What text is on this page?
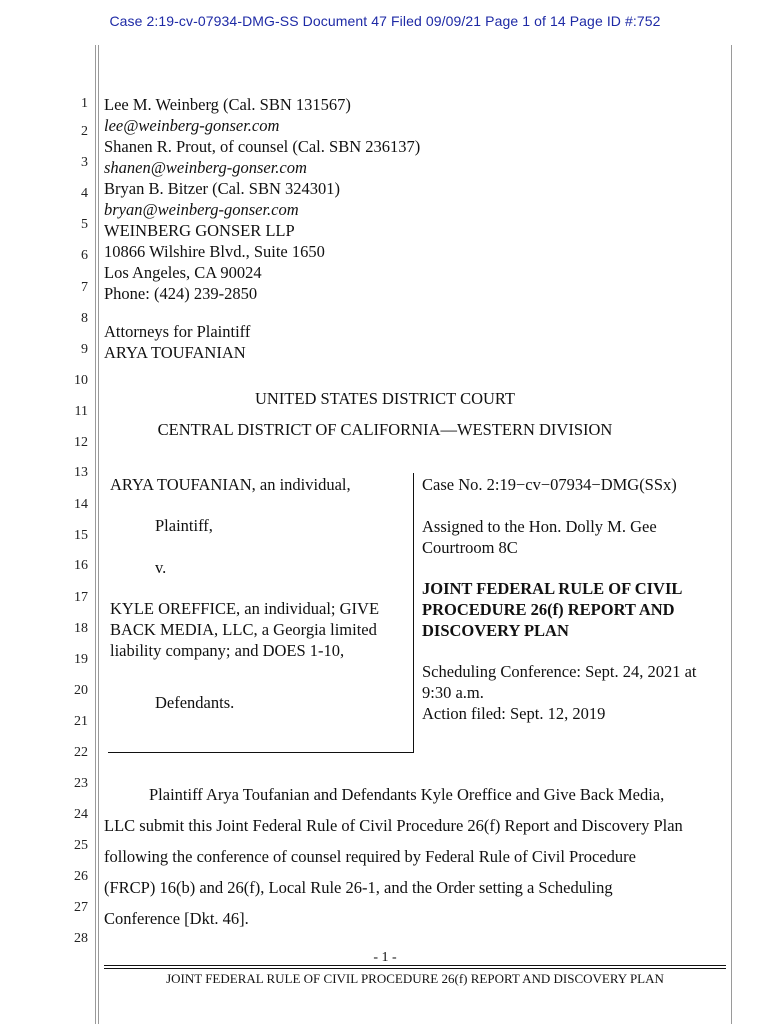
Case 2:19-cv-07934-DMG-SS Document 47 Filed 09/09/21 Page 1 of 14 Page ID #:752
1
2
3
4
5
6
7
8
9
10
11
12
13
14
15
16
17
18
19
20
21
22
23
24
25
26
27
28
Lee M. Weinberg (Cal. SBN 131567)
lee@weinberg-gonser.com
Shanen R. Prout, of counsel (Cal. SBN 236137)
shanen@weinberg-gonser.com
Bryan B. Bitzer (Cal. SBN 324301)
bryan@weinberg-gonser.com
WEINBERG GONSER LLP
10866 Wilshire Blvd., Suite 1650
Los Angeles, CA 90024
Phone: (424) 239-2850
Attorneys for Plaintiff
ARYA TOUFANIAN
UNITED STATES DISTRICT COURT
CENTRAL DISTRICT OF CALIFORNIA—WESTERN DIVISION
ARYA TOUFANIAN, an individual,
Plaintiff,
v.
KYLE OREFFICE, an individual; GIVE
BACK MEDIA, LLC, a Georgia limited
liability company; and DOES 1-10,
Defendants.
Case No. 2:19−cv−07934−DMG(SSx)
Assigned to the Hon. Dolly M. Gee
Courtroom 8C
JOINT FEDERAL RULE OF CIVIL
PROCEDURE 26(f) REPORT AND
DISCOVERY PLAN
Scheduling Conference: Sept. 24, 2021 at
9:30 a.m.
Action filed: Sept. 12, 2019
Plaintiff Arya Toufanian and Defendants Kyle Oreffice and Give Back Media,
LLC submit this Joint Federal Rule of Civil Procedure 26(f) Report and Discovery Plan
following the conference of counsel required by Federal Rule of Civil Procedure
(FRCP) 16(b) and 26(f), Local Rule 26-1, and the Order setting a Scheduling
Conference [Dkt. 46].
- 1 -
JOINT FEDERAL RULE OF CIVIL PROCEDURE 26(f) REPORT AND DISCOVERY PLAN
